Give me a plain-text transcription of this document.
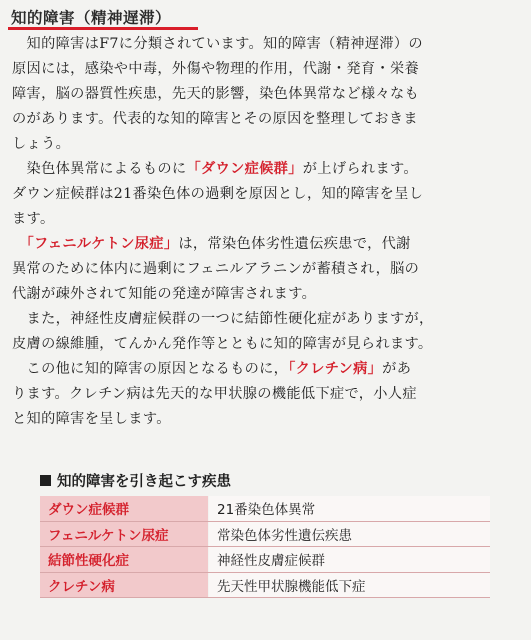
知的障害（精神遅滞）
　知的障害はF7に分類されています。知的障害（精神遅滞）の
原因には，感染や中毒，外傷や物理的作用，代謝・発育・栄養
障害，脳の器質性疾患，先天的影響，染色体異常など様々なも
のがあります。代表的な知的障害とその原因を整理しておきま
しょう。
　染色体異常によるものに「ダウン症候群」が上げられます。
ダウン症候群は21番染色体の過剰を原因とし，知的障害を呈し
ます。
　「フェニルケトン尿症」は，常染色体劣性遺伝疾患で，代謝
異常のために体内に過剰にフェニルアラニンが蓄積され，脳の
代謝が疎外されて知能の発達が障害されます。
　また，神経性皮膚症候群の一つに結節性硬化症がありますが，
皮膚の線維腫，てんかん発作等とともに知的障害が見られます。
　この他に知的障害の原因となるものに，「クレチン病」があ
ります。クレチン病は先天的な甲状腺の機能低下症で，小人症
と知的障害を呈します。
知的障害を引き起こす疾患
ダウン症候群	21番染色体異常
フェニルケトン尿症	常染色体劣性遺伝疾患
結節性硬化症	神経性皮膚症候群
クレチン病	先天性甲状腺機能低下症
